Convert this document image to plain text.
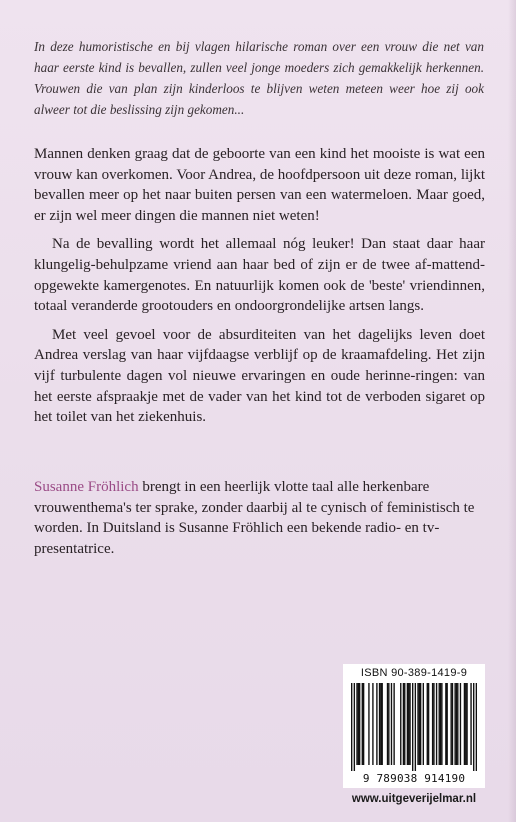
In deze humoristische en bij vlagen hilarische roman over een vrouw die net van haar eerste kind is bevallen, zullen veel jonge moeders zich gemakkelijk herkennen. Vrouwen die van plan zijn kinderloos te blijven weten meteen weer hoe zij ook alweer tot die beslissing zijn gekomen...

Mannen denken graag dat de geboorte van een kind het mooiste is wat een vrouw kan overkomen. Voor Andrea, de hoofdpersoon uit deze roman, lijkt bevallen meer op het naar buiten persen van een watermeloen. Maar goed, er zijn wel meer dingen die mannen niet weten!

Na de bevalling wordt het allemaal nóg leuker! Dan staat daar haar klungelig-behulpzame vriend aan haar bed of zijn er de twee af-mattend-opgewekte kamergenotes. En natuurlijk komen ook de 'beste' vriendinnen, totaal veranderde grootouders en ondoorgrondelijke artsen langs.

Met veel gevoel voor de absurditeiten van het dagelijks leven doet Andrea verslag van haar vijfdaagse verblijf op de kraamafdeling. Het zijn vijf turbulente dagen vol nieuwe ervaringen en oude herinne-ringen: van het eerste afspraakje met de vader van het kind tot de verboden sigaret op het toilet van het ziekenhuis.

Susanne Fröhlich brengt in een heerlijk vlotte taal alle herkenbare vrouwenthema's ter sprake, zonder daarbij al te cynisch of feministisch te worden. In Duitsland is Susanne Fröhlich een bekende radio- en tv-presentatrice.

ISBN 90-389-1419-9
9 789038 914190
www.uitgeverijelmar.nl
